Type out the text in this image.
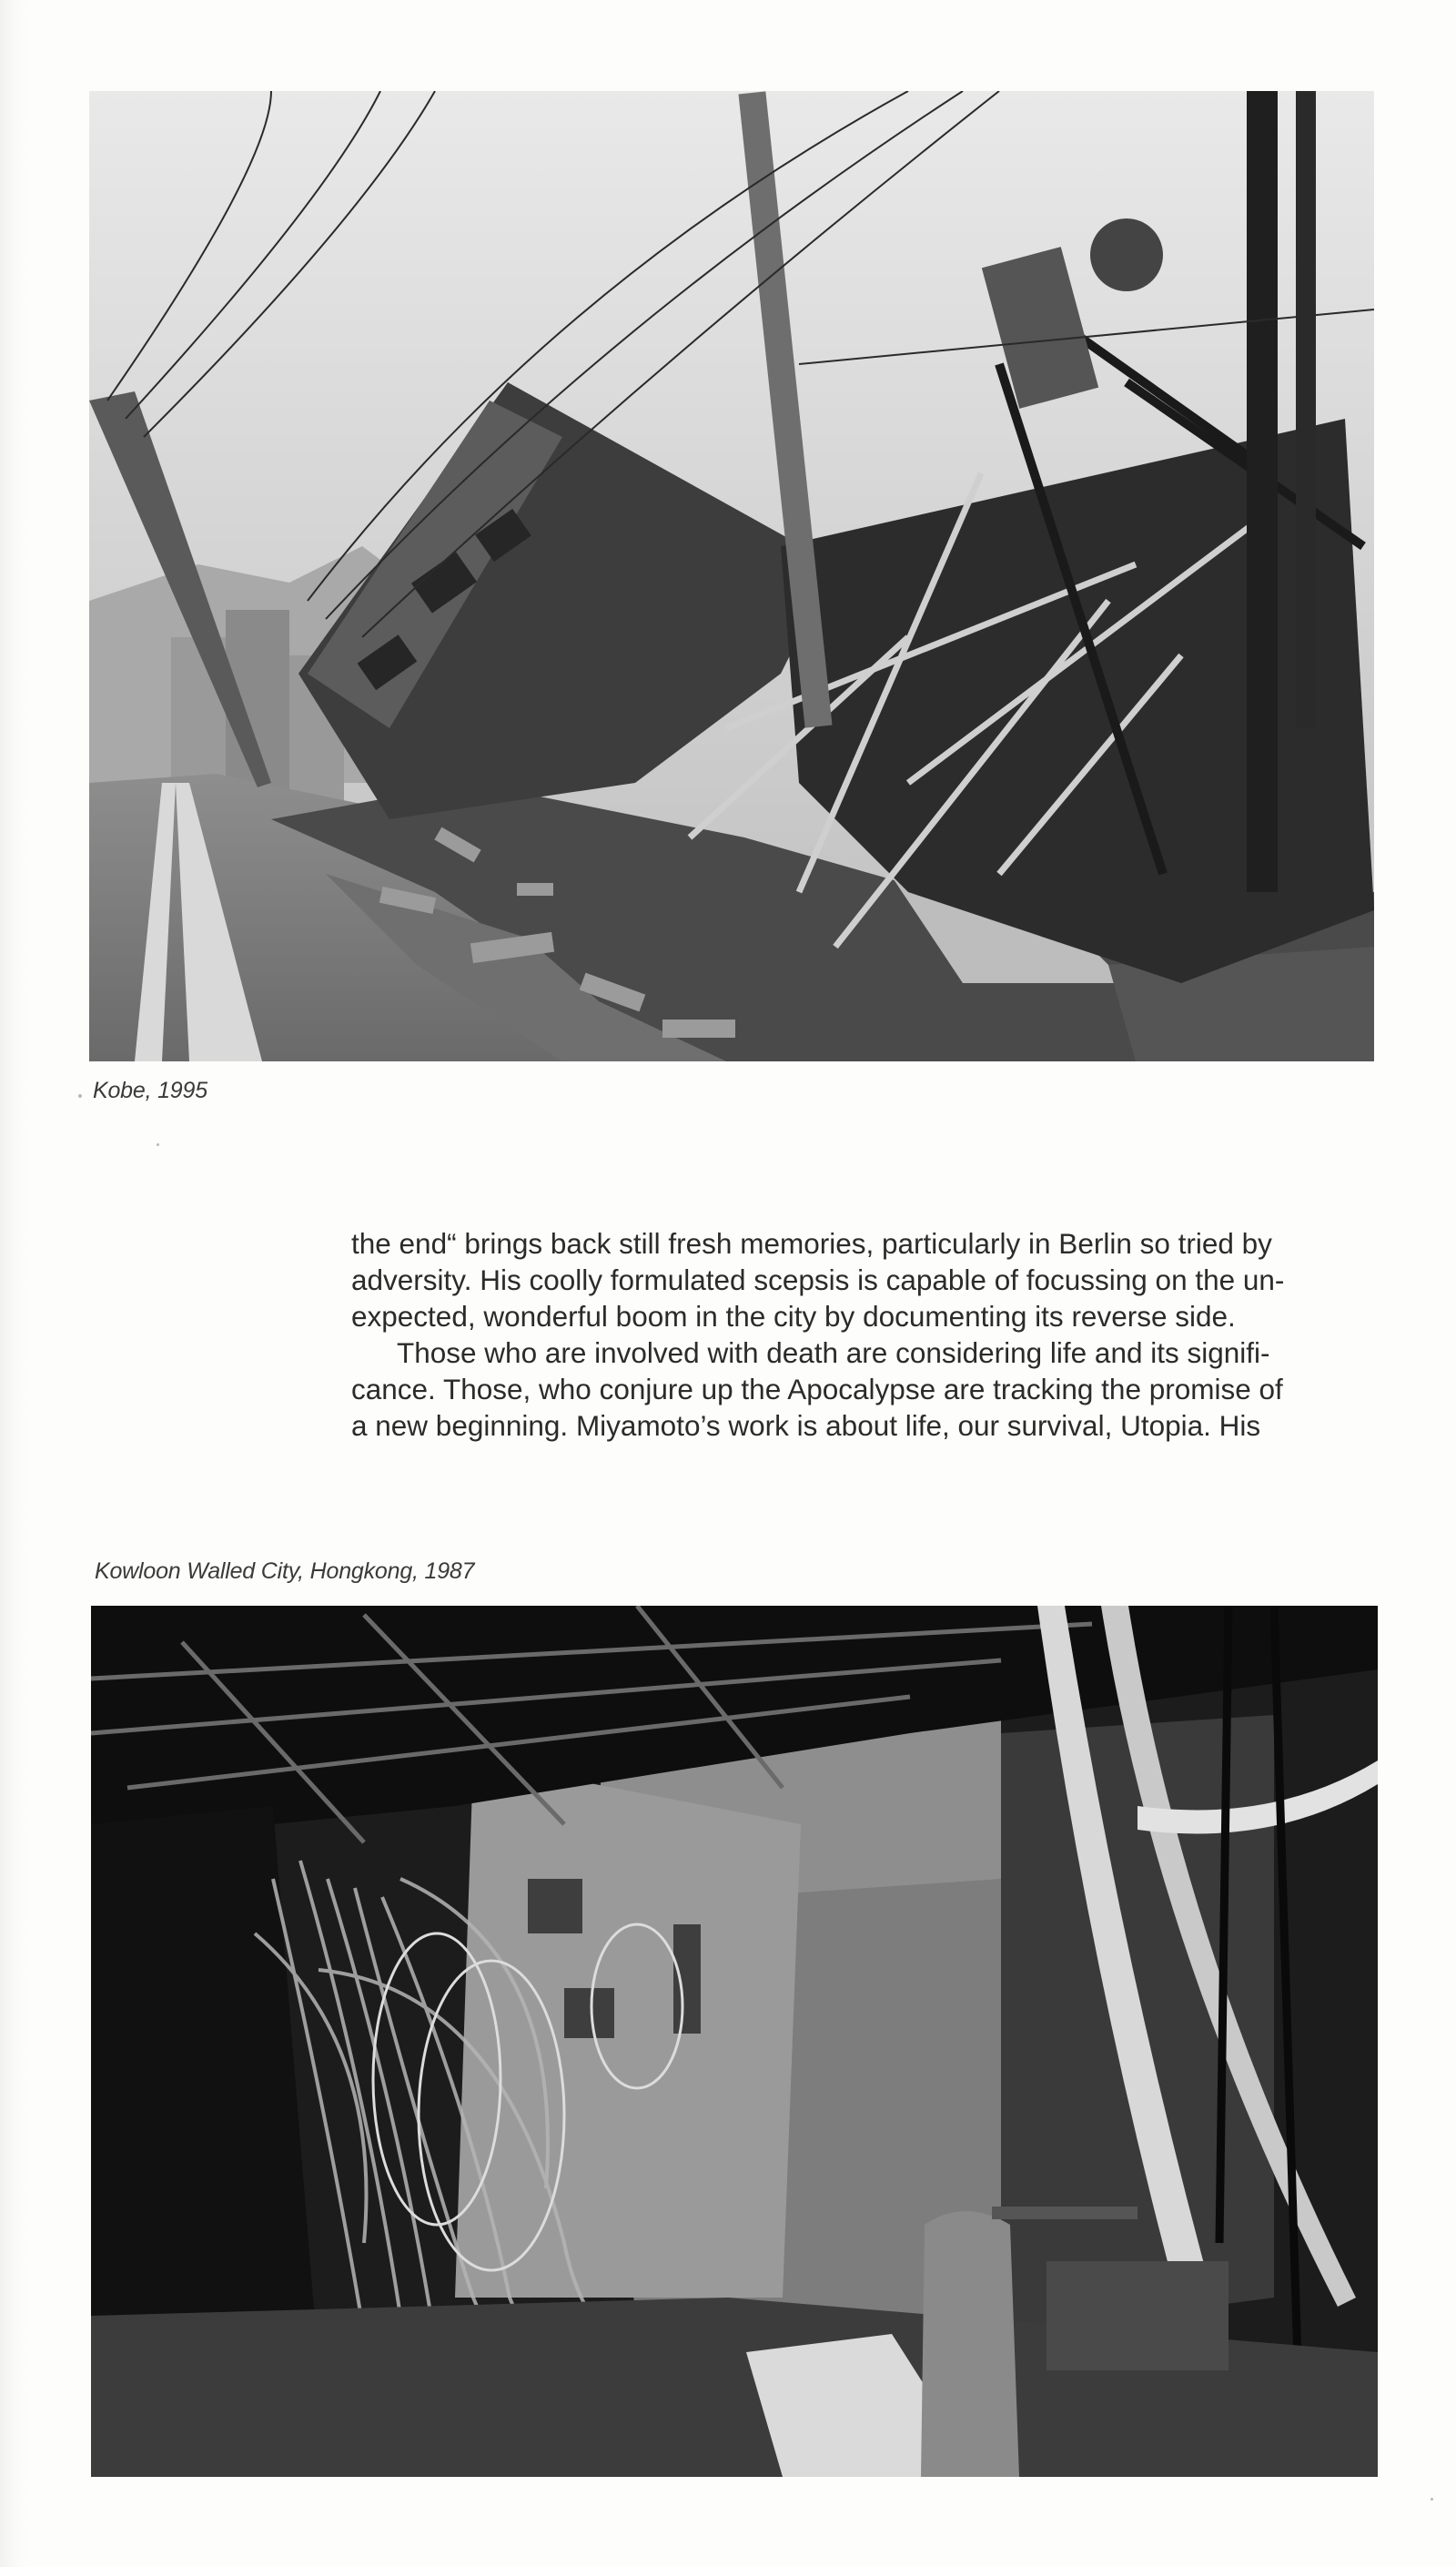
Kobe, 1995
the end“ brings back still fresh memories, particularly in Berlin so tried by
adversity. His coolly formulated scepsis is capable of focussing on the un-
expected, wonderful boom in the city by documenting its reverse side.
Those who are involved with death are considering life and its signifi-
cance. Those, who conjure up the Apocalypse are tracking the promise of
a new beginning. Miyamoto’s work is about life, our survival, Utopia. His
Kowloon Walled City, Hongkong, 1987
